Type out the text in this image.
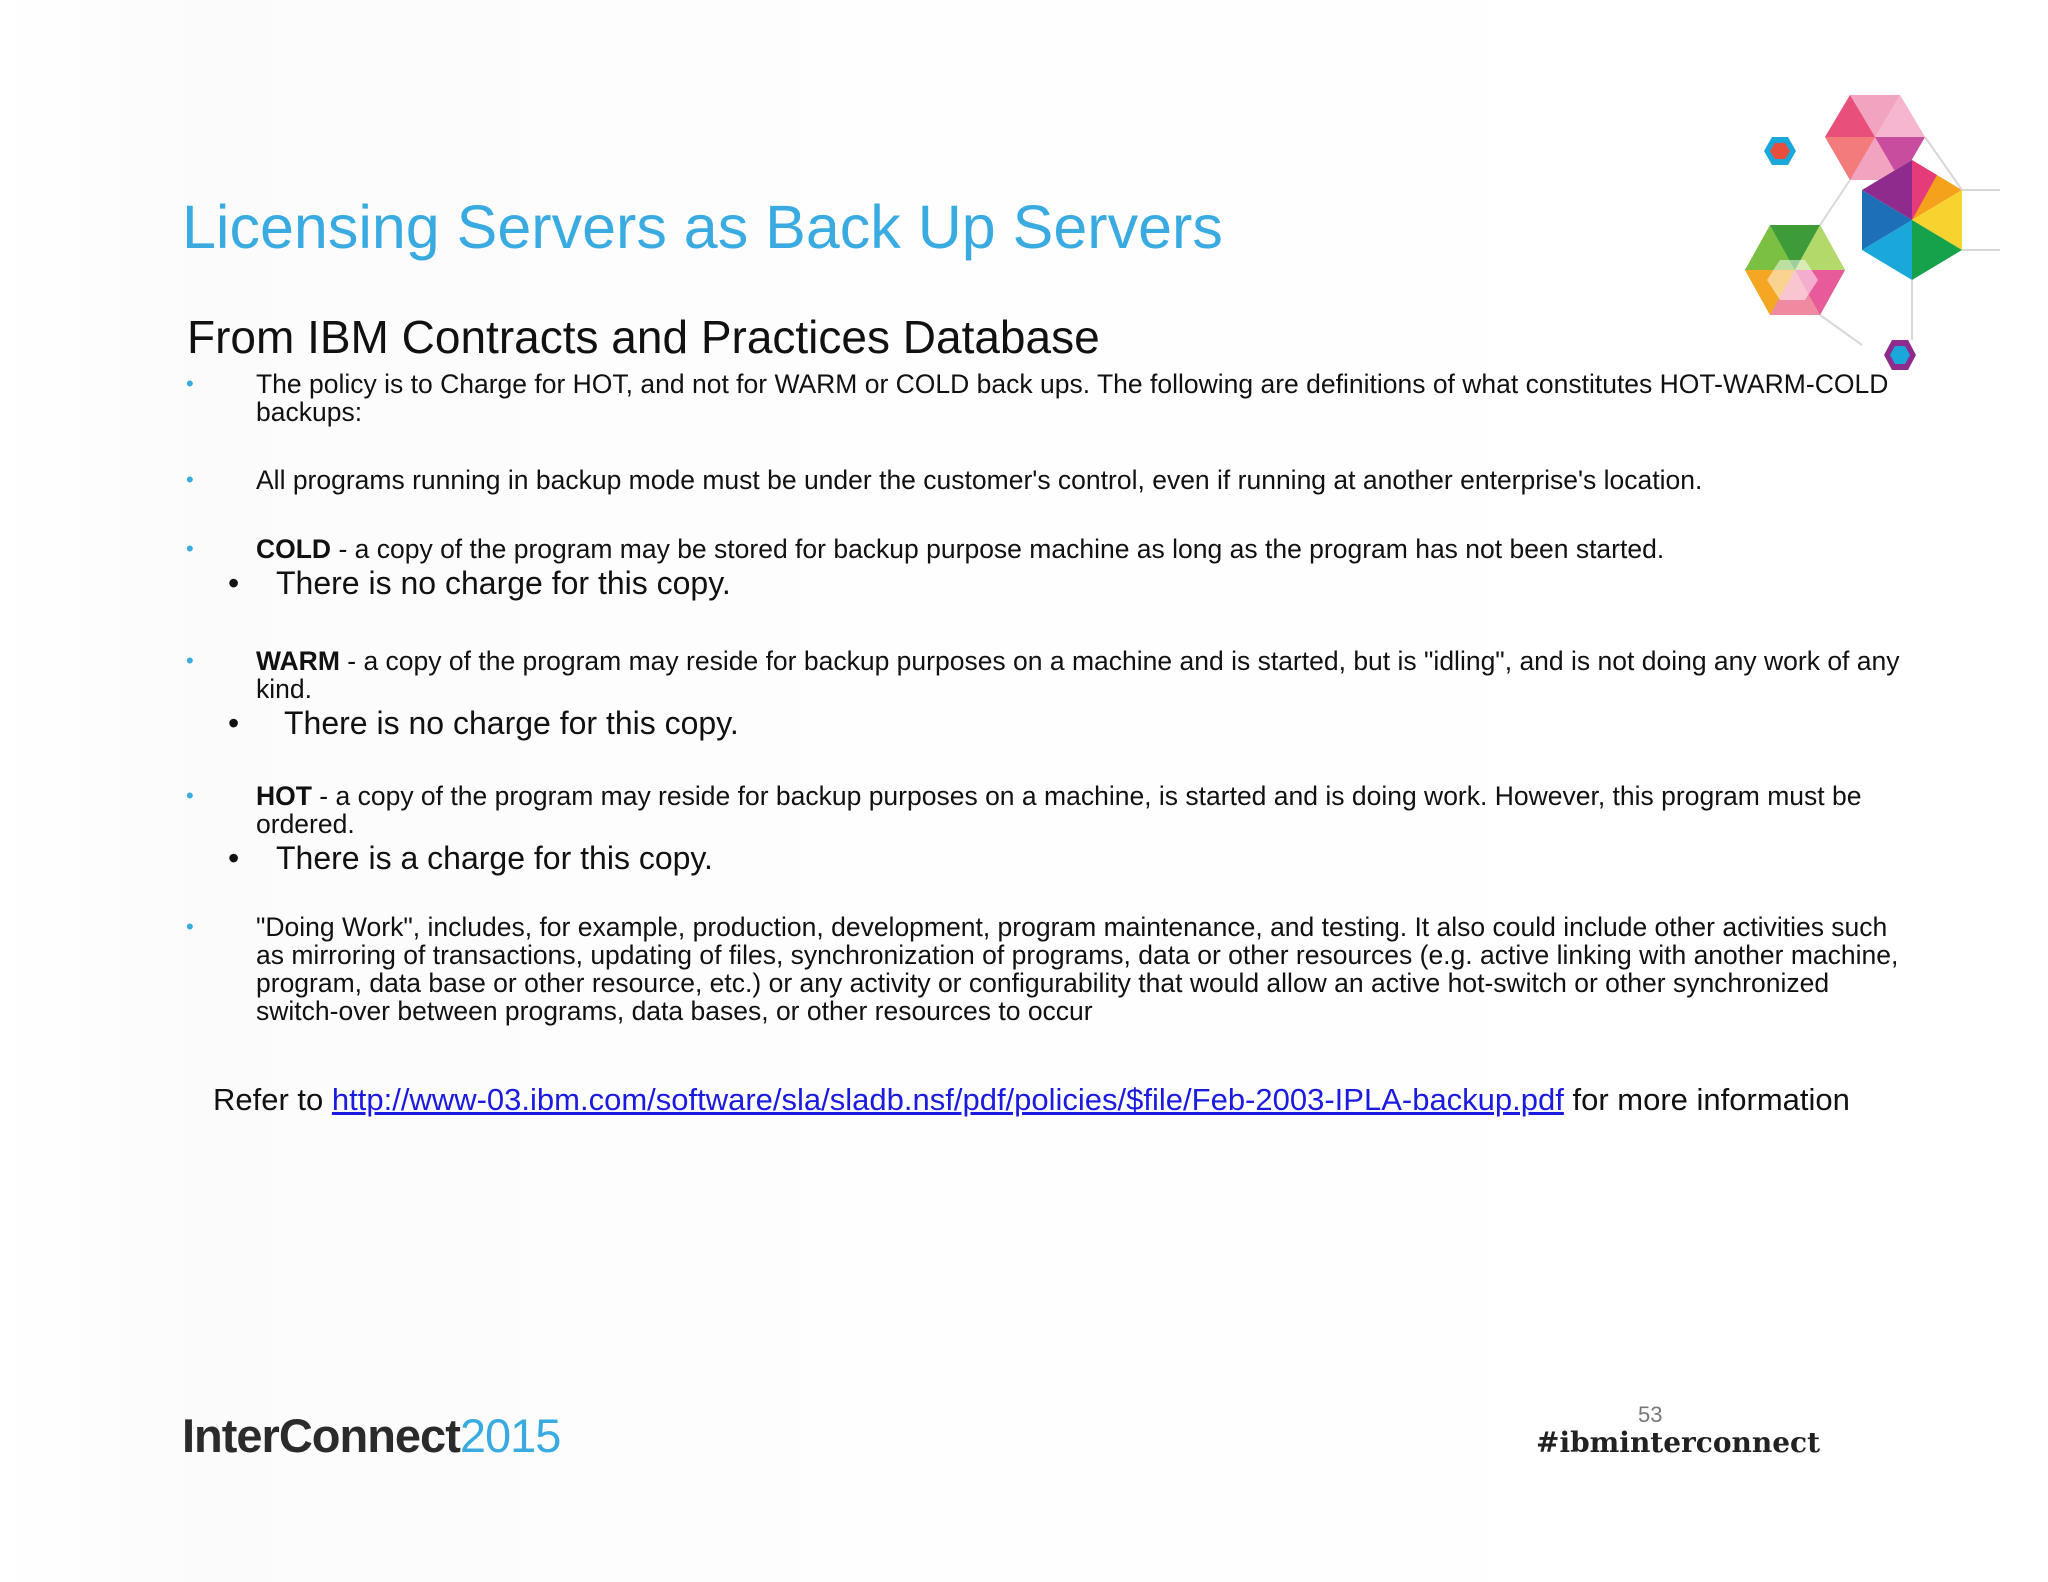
Licensing Servers as Back Up Servers
From IBM Contracts and Practices Database
• The policy is to Charge for HOT, and not for WARM or COLD back ups. The following are definitions of what constitutes HOT-WARM-COLD backups:
• All programs running in backup mode must be under the customer's control, even if running at another enterprise's location.
• COLD - a copy of the program may be stored for backup purpose machine as long as the program has not been started.
• There is no charge for this copy.
• WARM - a copy of the program may reside for backup purposes on a machine and is started, but is "idling", and is not doing any work of any kind.
• There is no charge for this copy.
• HOT - a copy of the program may reside for backup purposes on a machine, is started and is doing work. However, this program must be ordered.
• There is a charge for this copy.
• "Doing Work", includes, for example, production, development, program maintenance, and testing. It also could include other activities such as mirroring of transactions, updating of files, synchronization of programs, data or other resources (e.g. active linking with another machine, program, data base or other resource, etc.) or any activity or configurability that would allow an active hot-switch or other synchronized switch-over between programs, data bases, or other resources to occur
Refer to http://www-03.ibm.com/software/sla/sladb.nsf/pdf/policies/$file/Feb-2003-IPLA-backup.pdf for more information
InterConnect2015	53
#ibminterconnect
